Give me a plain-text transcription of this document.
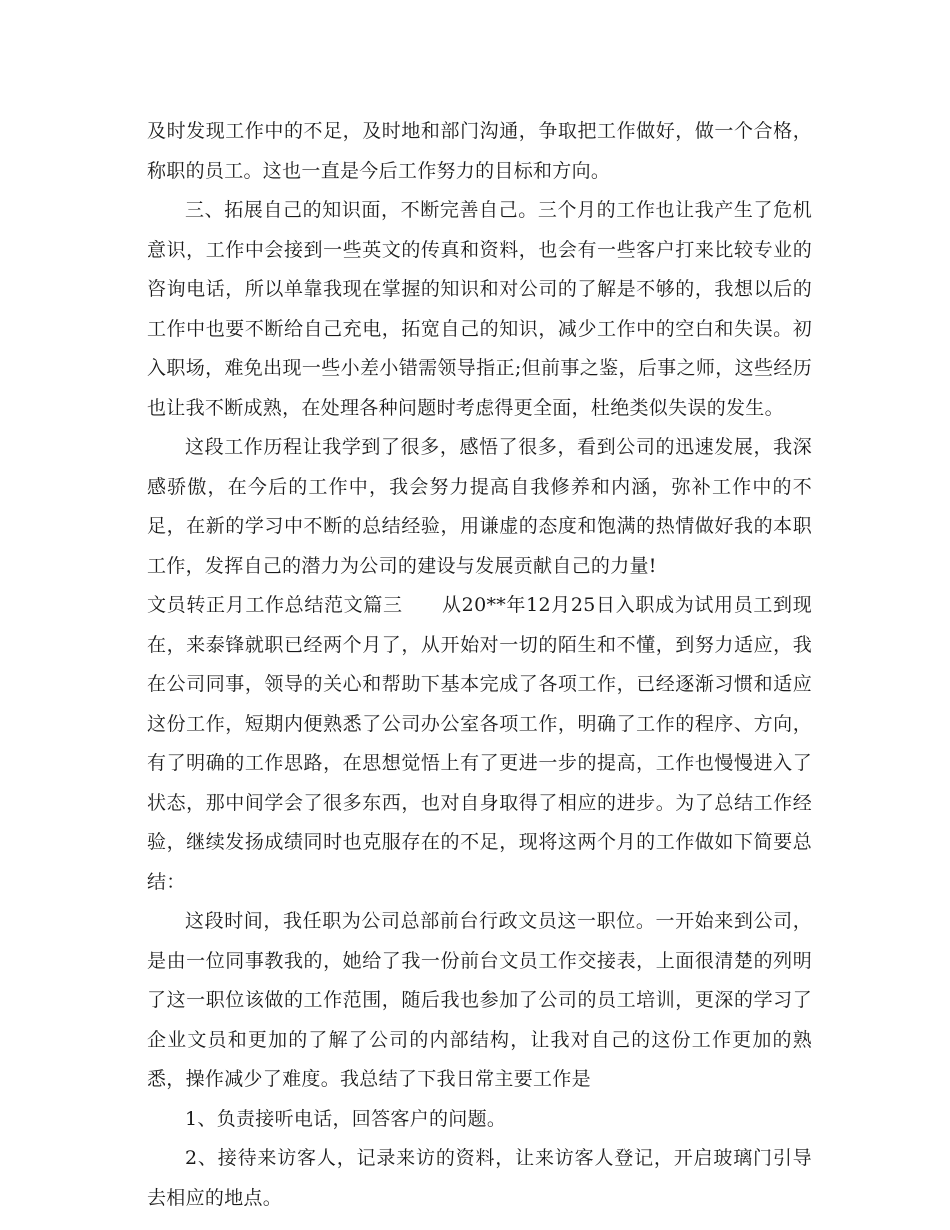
及时发现工作中的不足，及时地和部门沟通，争取把工作做好，做一个合格，称职的员工。这也一直是今后工作努力的目标和方向。

三、拓展自己的知识面，不断完善自己。三个月的工作也让我产生了危机意识，工作中会接到一些英文的传真和资料，也会有一些客户打来比较专业的咨询电话，所以单靠我现在掌握的知识和对公司的了解是不够的，我想以后的工作中也要不断给自己充电，拓宽自己的知识，减少工作中的空白和失误。初入职场，难免出现一些小差小错需领导指正;但前事之鉴，后事之师，这些经历也让我不断成熟，在处理各种问题时考虑得更全面，杜绝类似失误的发生。

这段工作历程让我学到了很多，感悟了很多，看到公司的迅速发展，我深感骄傲，在今后的工作中，我会努力提高自我修养和内涵，弥补工作中的不足，在新的学习中不断的总结经验，用谦虚的态度和饱满的热情做好我的本职工作，发挥自己的潜力为公司的建设与发展贡献自己的力量!

文员转正月工作总结范文篇三　　 从20**年12月25日入职成为试用员工到现在，来泰锋就职已经两个月了，从开始对一切的陌生和不懂，到努力适应，我在公司同事，领导的关心和帮助下基本完成了各项工作，已经逐渐习惯和适应这份工作，短期内便熟悉了公司办公室各项工作，明确了工作的程序、方向，有了明确的工作思路，在思想觉悟上有了更进一步的提高，工作也慢慢进入了状态，那中间学会了很多东西，也对自身取得了相应的进步。为了总结工作经验，继续发扬成绩同时也克服存在的不足，现将这两个月的工作做如下简要总结：

这段时间，我任职为公司总部前台行政文员这一职位。一开始来到公司，是由一位同事教我的，她给了我一份前台文员工作交接表，上面很清楚的列明了这一职位该做的工作范围，随后我也参加了公司的员工培训，更深的学习了企业文员和更加的了解了公司的内部结构，让我对自己的这份工作更加的熟悉，操作减少了难度。我总结了下我日常主要工作是

1、负责接听电话，回答客户的问题。

2、接待来访客人，记录来访的资料，让来访客人登记，开启玻璃门引导去相应的地点。
